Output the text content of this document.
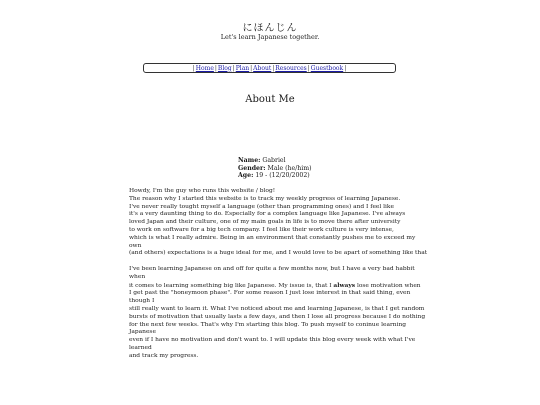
にほんじん
Let's learn Japanese together.
| Home | Blog | Plan | About | Resources | Guestbook |
About Me
Name: Gabriel
Gender: Male (he/him)
Age: 19 - (12/20/2002)

Howdy, I'm the guy who runs this website / blog!
The reason why I started this website is to track my weekly progress of learning Japanese.
I've never really tought myself a language (other than programming ones) and I feel like
it's a very daunting thing to do. Especially for a complex language like Japanese. I've always
loved Japan and their culture, one of my main goals in life is to move there after university
to work on software for a big tech company. I feel like their work culture is very intense,
which is what I really admire. Being in an environment that constantly pushes me to exceed my own
(and others) expectations is a huge ideal for me, and I would love to be apart of something like that

I've been learning Japanese on and off for quite a few months now, but I have a very bad habbit when
it comes to learning something big like Japanese. My issue is, that I always lose motivation when
I get past the "honeymoon phase". For some reason I just lose interest in that said thing, even though I
still really want to learn it. What I've noticed about me and learning Japanese, is that I get random
bursts of motivation that usually lasts a few days, and then I lose all progress because I do nothing
for the next few weeks. That's why I'm starting this blog. To push myself to coninue learning Japanese
even if I have no motivation and don't want to. I will update this blog every week with what I've learned
and track my progress.
